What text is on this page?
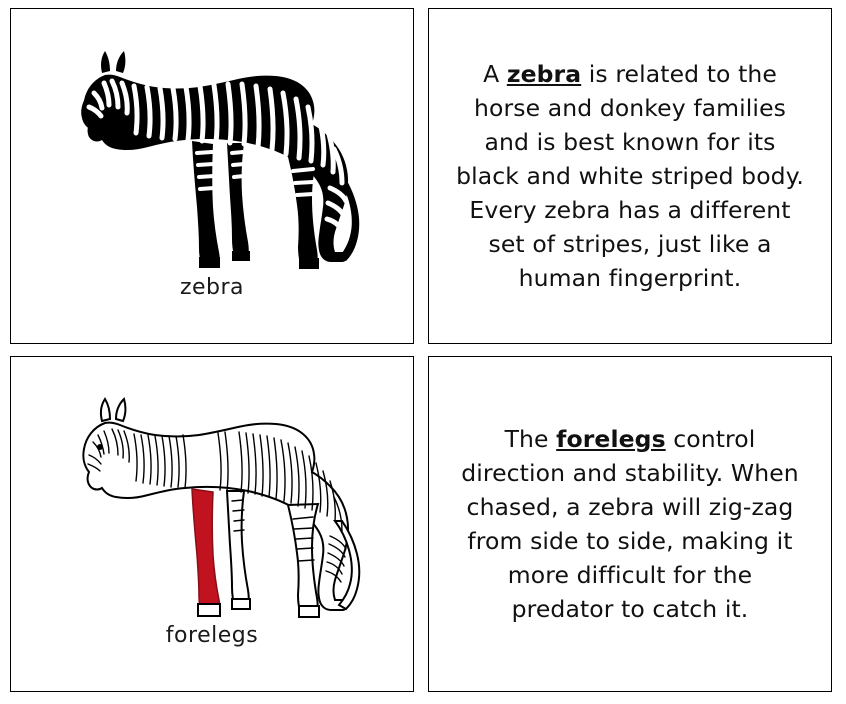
zebra

A zebra is related to the horse and donkey families and is best known for its black and white striped body. Every zebra has a different set of stripes, just like a human fingerprint.

forelegs

The forelegs control direction and stability. When chased, a zebra will zig-zag from side to side, making it more difficult for the predator to catch it.
